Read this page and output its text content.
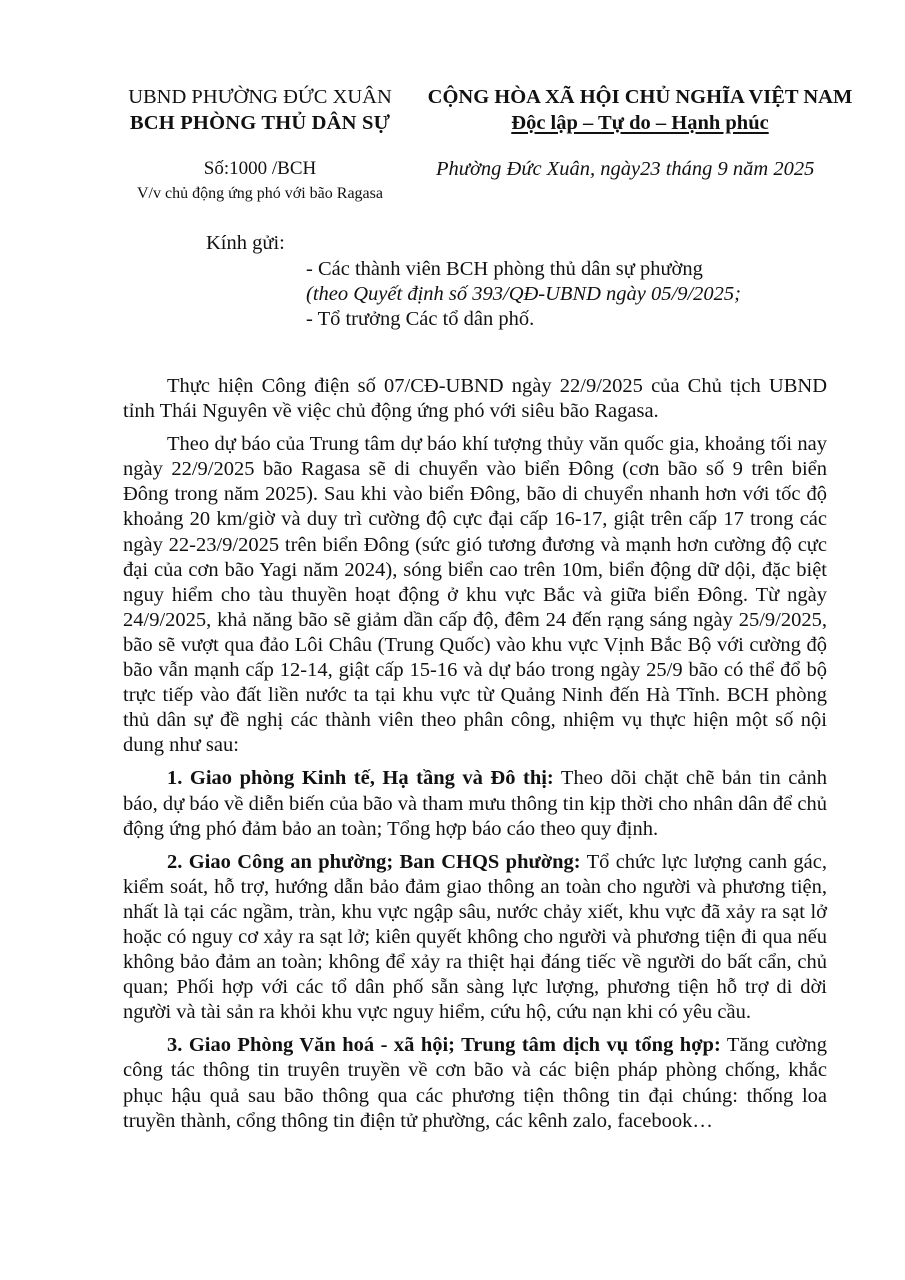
UBND PHƯỜNG ĐỨC XUÂN
BCH PHÒNG THỦ DÂN SỰ
CỘNG HÒA XÃ HỘI CHỦ NGHĨA VIỆT NAM
Độc lập – Tự do – Hạnh phúc
Số:1000 /BCH
V/v chủ động ứng phó với bão Ragasa
Phường Đức Xuân, ngày23 tháng 9 năm 2025
Kính gửi:
- Các thành viên BCH phòng thủ dân sự phường
(theo Quyết định số 393/QĐ-UBND ngày 05/9/2025;
- Tổ trưởng Các tổ dân phố.

Thực hiện Công điện số 07/CĐ-UBND ngày 22/9/2025 của Chủ tịch UBND tỉnh Thái Nguyên về việc chủ động ứng phó với siêu bão Ragasa.

Theo dự báo của Trung tâm dự báo khí tượng thủy văn quốc gia, khoảng tối nay ngày 22/9/2025 bão Ragasa sẽ di chuyển vào biển Đông (cơn bão số 9 trên biển Đông trong năm 2025). Sau khi vào biển Đông, bão di chuyển nhanh hơn với tốc độ khoảng 20 km/giờ và duy trì cường độ cực đại cấp 16-17, giật trên cấp 17 trong các ngày 22-23/9/2025 trên biển Đông (sức gió tương đương và mạnh hơn cường độ cực đại của cơn bão Yagi năm 2024), sóng biển cao trên 10m, biển động dữ dội, đặc biệt nguy hiểm cho tàu thuyền hoạt động ở khu vực Bắc và giữa biển Đông. Từ ngày 24/9/2025, khả năng bão sẽ giảm dần cấp độ, đêm 24 đến rạng sáng ngày 25/9/2025, bão sẽ vượt qua đảo Lôi Châu (Trung Quốc) vào khu vực Vịnh Bắc Bộ với cường độ bão vẫn mạnh cấp 12-14, giật cấp 15-16 và dự báo trong ngày 25/9 bão có thể đổ bộ trực tiếp vào đất liền nước ta tại khu vực từ Quảng Ninh đến Hà Tĩnh. BCH phòng thủ dân sự đề nghị các thành viên theo phân công, nhiệm vụ thực hiện một số nội dung như sau:

1. Giao phòng Kinh tế, Hạ tầng và Đô thị: Theo dõi chặt chẽ bản tin cảnh báo, dự báo về diễn biến của bão và tham mưu thông tin kịp thời cho nhân dân để chủ động ứng phó đảm bảo an toàn; Tổng hợp báo cáo theo quy định.

2. Giao Công an phường; Ban CHQS phường: Tổ chức lực lượng canh gác, kiểm soát, hỗ trợ, hướng dẫn bảo đảm giao thông an toàn cho người và phương tiện, nhất là tại các ngầm, tràn, khu vực ngập sâu, nước chảy xiết, khu vực đã xảy ra sạt lở hoặc có nguy cơ xảy ra sạt lở; kiên quyết không cho người và phương tiện đi qua nếu không bảo đảm an toàn; không để xảy ra thiệt hại đáng tiếc về người do bất cẩn, chủ quan; Phối hợp với các tổ dân phố sẵn sàng lực lượng, phương tiện hỗ trợ di dời người và tài sản ra khỏi khu vực nguy hiểm, cứu hộ, cứu nạn khi có yêu cầu.

3. Giao Phòng Văn hoá - xã hội; Trung tâm dịch vụ tổng hợp: Tăng cường công tác thông tin truyên truyền về cơn bão và các biện pháp phòng chống, khắc phục hậu quả sau bão thông qua các phương tiện thông tin đại chúng: thống loa truyền thành, cổng thông tin điện tử phường, các kênh zalo, facebook…
